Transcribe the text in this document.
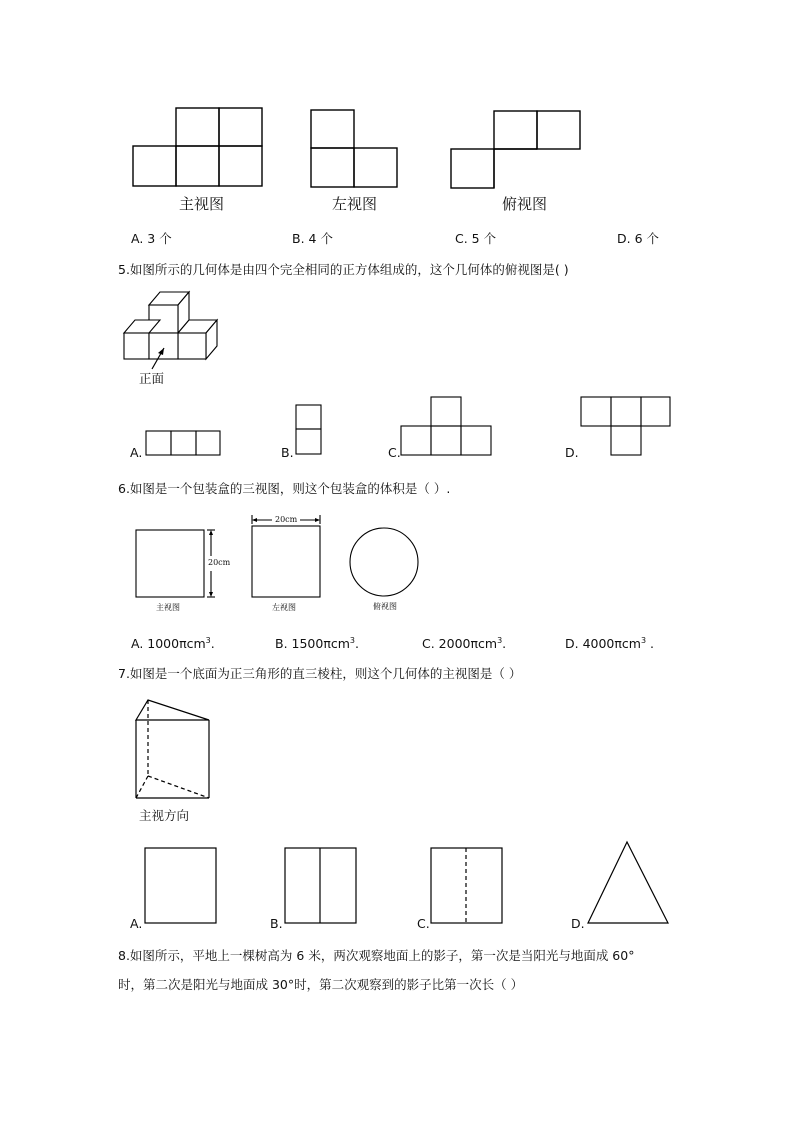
主视图	左视图	俯视图
A. 3 个	B. 4 个	C. 5 个	D. 6 个
5.如图所示的几何体是由四个完全相同的正方体组成的，这个几何体的俯视图是( )
正面
A.	B.	C.	D.
6.如图是一个包装盒的三视图，则这个包装盒的体积是（ ）.
20cm
20cm
主视图	左视图	俯视图
A. 1000πcm$^3$.	B. 1500πcm$^3$.	C. 2000πcm$^3$.	D. 4000πcm$^3$ .
7.如图是一个底面为正三角形的直三棱柱，则这个几何体的主视图是（ ）
主视方向
A.	B.	C.	D.
8.如图所示，平地上一棵树高为 6 米，两次观察地面上的影子，第一次是当阳光与地面成 60°
时，第二次是阳光与地面成 30°时，第二次观察到的影子比第一次长（ ）
